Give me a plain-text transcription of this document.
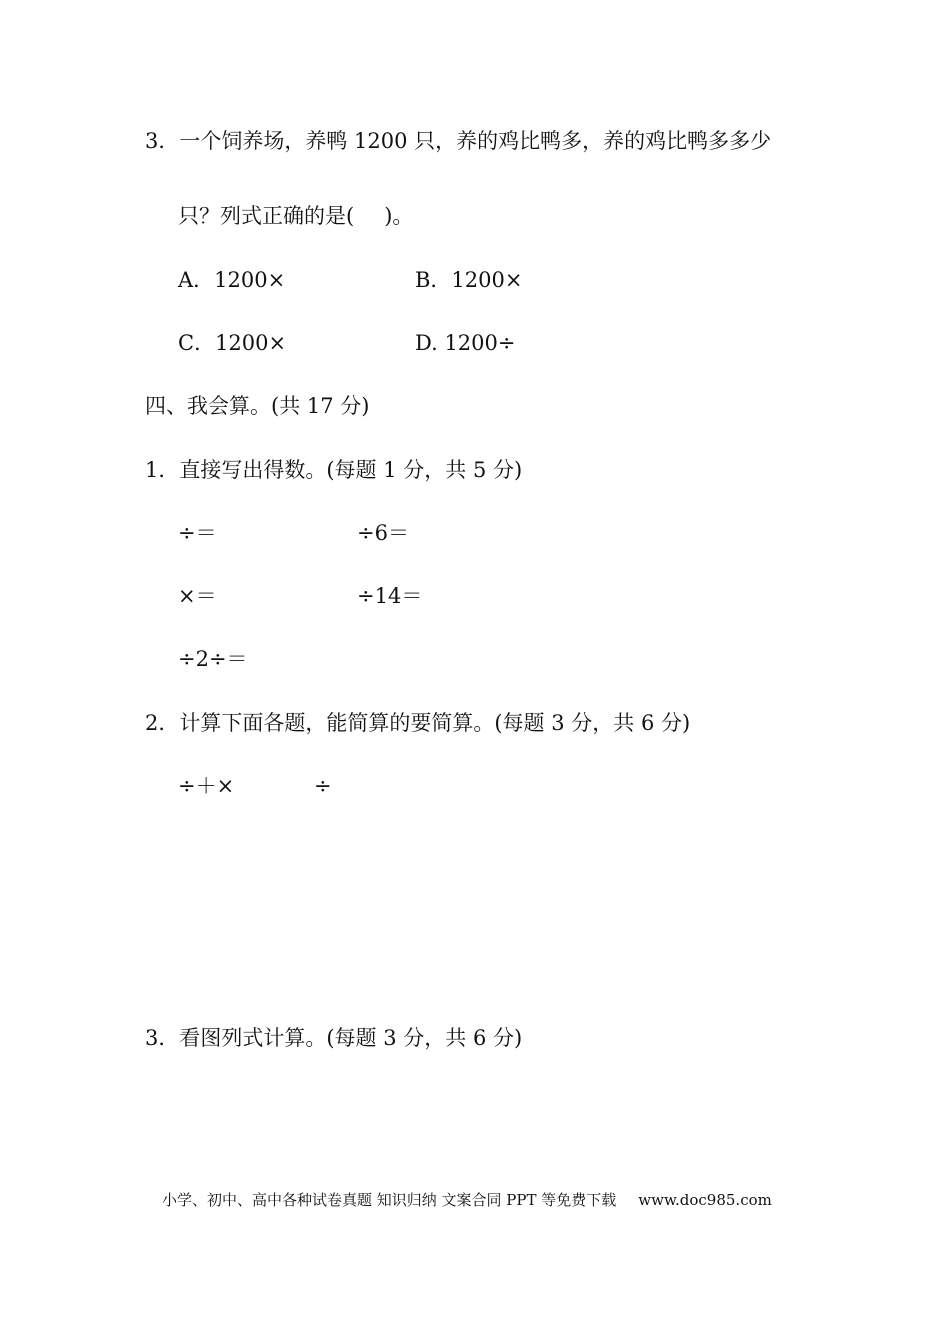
3．一个饲养场，养鸭 1200 只，养的鸡比鸭多，养的鸡比鸭多多少
只？列式正确的是( )。
A．1200×	B．1200×
C．1200×	D. 1200÷
四、我会算。(共 17 分)
1．直接写出得数。(每题 1 分，共 5 分)
÷＝	÷6＝
×＝	÷14＝
÷2÷＝
2．计算下面各题，能简算的要简算。(每题 3 分，共 6 分)
÷＋×	÷
3．看图列式计算。(每题 3 分，共 6 分)
小学、初中、高中各种试卷真题 知识归纳 文案合同 PPT 等免费下载 www.doc985.com
